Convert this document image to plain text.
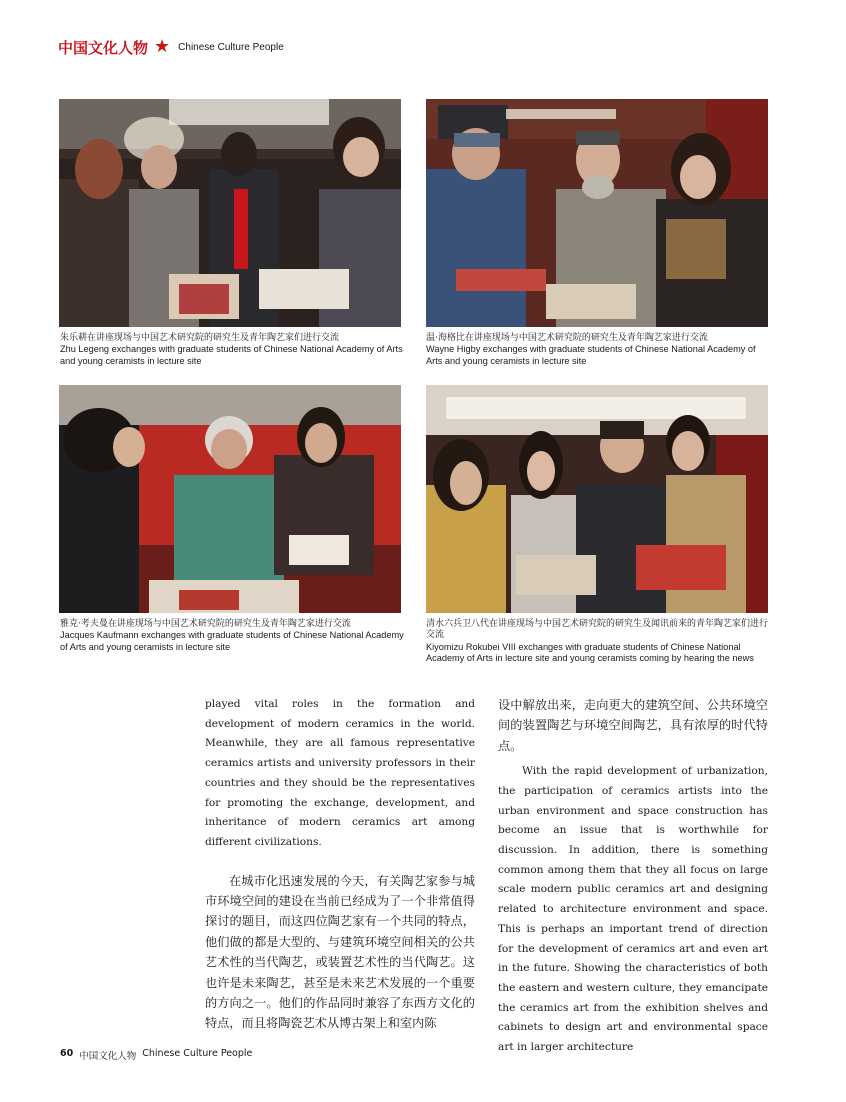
中国文化人物 ★ Chinese Culture People
朱乐耕在讲座现场与中国艺术研究院的研究生及青年陶艺家们进行交流
Zhu Legeng exchanges with graduate students of Chinese National Academy of Arts and young ceramists in lecture site
温·海格比在讲座现场与中国艺术研究院的研究生及青年陶艺家进行交流
Wayne Higby exchanges with graduate students of Chinese National Academy of Arts and young ceramists in lecture site
雅克·考夫曼在讲座现场与中国艺术研究院的研究生及青年陶艺家进行交流
Jacques Kaufmann exchanges with graduate students of Chinese National Academy of Arts and young ceramists in lecture site
清水六兵卫八代在讲座现场与中国艺术研究院的研究生及闻讯前来的青年陶艺家们进行交流
Kiyomizu Rokubei VIII exchanges with graduate students of Chinese National Academy of Arts in lecture site and young ceramists coming by hearing the news

played vital roles in the formation and development of modern ceramics in the world. Meanwhile, they are all famous representative ceramics artists and university professors in their countries and they should be the representatives for promoting the exchange, development, and inheritance of modern ceramics art among different civilizations.

在城市化迅速发展的今天，有关陶艺家参与城市环境空间的建设在当前已经成为了一个非常值得探讨的题目，而这四位陶艺家有一个共同的特点，他们做的都是大型的、与建筑环境空间相关的公共艺术性的当代陶艺，或装置艺术性的当代陶艺。这也许是未来陶艺，甚至是未来艺术发展的一个重要的方向之一。他们的作品同时兼容了东西方文化的特点，而且将陶瓷艺术从博古架上和室内陈

设中解放出来，走向更大的建筑空间、公共环境空间的装置陶艺与环境空间陶艺，具有浓厚的时代特点。

With the rapid development of urbanization, the participation of ceramics artists into the urban environment and space construction has become an issue that is worthwhile for discussion. In addition, there is something common among them that they all focus on large scale modern public ceramics art and designing related to architecture environment and space. This is perhaps an important trend of direction for the development of ceramics art and even art in the future. Showing the characteristics of both the eastern and western culture, they emancipate the ceramics art from the exhibition shelves and cabinets to design art and environmental space art in larger architecture

60 中国文化人物 Chinese Culture People
